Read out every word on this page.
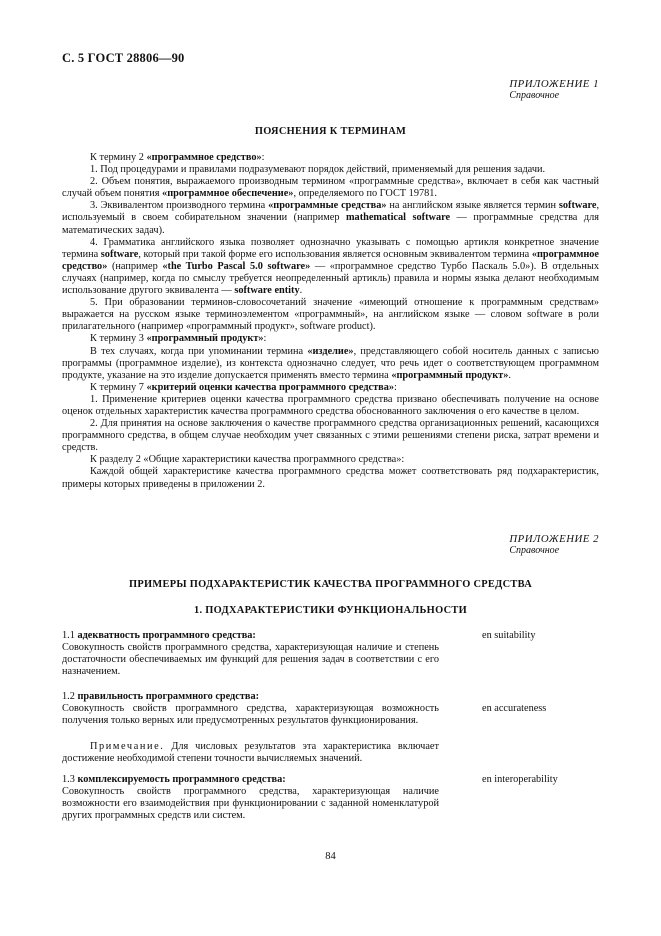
С. 5 ГОСТ 28806—90
ПРИЛОЖЕНИЕ 1
Справочное
ПОЯСНЕНИЯ К ТЕРМИНАМ

К термину 2 «программное средство»:

1. Под процедурами и правилами подразумевают порядок действий, применяемый для решения задачи.

2. Объем понятия, выражаемого производным термином «программные средства», включает в себя как частный случай объем понятия «программное обеспечение», определяемого по ГОСТ 19781.

3. Эквивалентом производного термина «программные средства» на английском языке является термин software, используемый в своем собирательном значении (например mathematical software — программные средства для математических задач).

4. Грамматика английского языка позволяет однозначно указывать с помощью артикля конкретное значение термина software, который при такой форме его использования является основным эквивалентом термина «программное средство» (например «the Turbo Pascal 5.0 software» — «программное средство Турбо Паскаль 5.0»). В отдельных случаях (например, когда по смыслу требуется неопределенный артикль) правила и нормы языка делают необходимым использование другого эквивалента — software entity.

5. При образовании терминов-словосочетаний значение «имеющий отношение к программным средствам» выражается на русском языке терминоэлементом «программный», на английском языке — словом software в роли прилагательного (например «программный продукт», software product).

К термину 3 «программный продукт»:

В тех случаях, когда при упоминании термина «изделие», представляющего собой носитель данных с записью программы (программное изделие), из контекста однозначно следует, что речь идет о соответствующем программном продукте, указание на это изделие допускается применять вместо термина «программный продукт».

К термину 7 «критерий оценки качества программного средства»:

1. Применение критериев оценки качества программного средства призвано обеспечивать получение на основе оценок отдельных характеристик качества программного средства обоснованного заключения о его качестве в целом.

2. Для принятия на основе заключения о качестве программного средства организационных решений, касающихся программного средства, в общем случае необходим учет связанных с этими решениями степени риска, затрат времени и средств.

К разделу 2 «Общие характеристики качества программного средства»:

Каждой общей характеристике качества программного средства может соответствовать ряд подхарактеристик, примеры которых приведены в приложении 2.

ПРИЛОЖЕНИЕ 2
Справочное
ПРИМЕРЫ ПОДХАРАКТЕРИСТИК КАЧЕСТВА ПРОГРАММНОГО СРЕДСТВА
1. ПОДХАРАКТЕРИСТИКИ ФУНКЦИОНАЛЬНОСТИ
1.1 адекватность программного средства:
Совокупность свойств программного средства, характеризующая наличие и степень достаточности обеспечиваемых им функций для решения задач в соответствии с его назначением.
en suitability
1.2 правильность программного средства:
Совокупность свойств программного средства, характеризующая возможность получения только верных или предусмотренных результатов функционирования.
en accurateness

Примечание. Для числовых результатов эта характеристика включает достижение необходимой степени точности вычисляемых значений.

1.3 комплексируемость программного средства:
Совокупность свойств программного средства, характеризующая наличие возможности его взаимодействия при функционировании с заданной номенклатурой других программных средств или систем.
en interoperability
84
